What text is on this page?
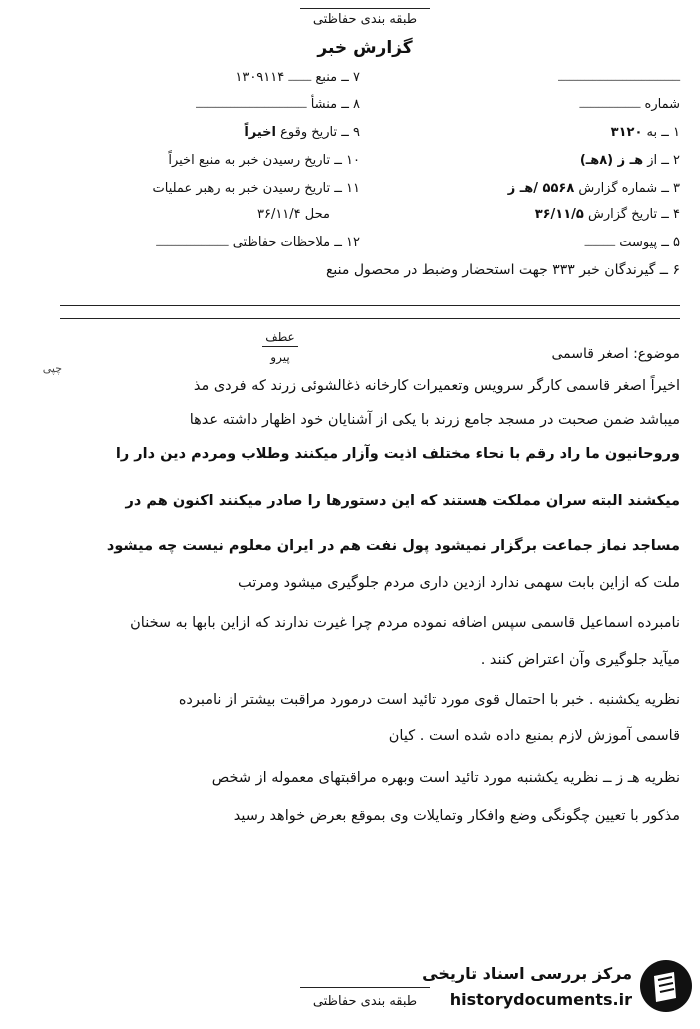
طبقه بندی حفاظتی
گزارش خبر
۷ ــ منبع ــــــ ۱۳۰۹۱۱۴
۸ ــ منشأ ـــــــــــــــــــــــــــــ
۹ ــ تاریخ وقوع اخیراً
۱۰ ــ تاریخ رسیدن خبر به منبع اخیراً
۱۱ ــ تاریخ رسیدن خبر به رهبر عملیات
محل ۳۶/۱۱/۴
۱۲ ــ ملاحظات حفاظتی ـــــــــــــــــــ
ــــــــــــــــــــــــــــــــ
شماره ــــــــــــــــ
۱ ــ به ۳۱۲۰
۲ ــ از هـ ز (۸هـ)
۳ ــ شماره گزارش ۵۵۶۸ /هـ ز
۴ ــ تاریخ گزارش ۳۶/۱۱/۵
۵ ــ پیوست ــــــــ
۶ ــ گیرندگان خبر ۳۳۳ جهت استحضار وضبط در محصول منبع
عطف
پیرو	موضوع: اصغر قاسمی
چپی
اخیراً اصغر قاسمی کارگر سرویس وتعمیرات کارخانه ذغالشوئی زرند که فردی مذ
میباشد ضمن صحبت در مسجد جامع زرند با یکی از آشنایان خود اظهار داشته عدها
وروحانیون ما راد رقم با نحاء مختلف اذیت وآزار میکنند وطلاب ومردم دین دار را
میکشند البته سران مملکت هستند که این دستورها را صادر میکنند اکنون هم در
مساجد نماز جماعت برگزار نمیشود پول نفت هم در ایران معلوم نیست چه میشود
ملت که ازاین بابت سهمی ندارد ازدین داری مردم جلوگیری میشود ومرتب
نامبرده اسماعیل قاسمی سپس اضافه نموده مردم چرا غیرت ندارند که ازاین بابها به سخنان
میآید جلوگیری وآن اعتراض کنند .
نظریه یکشنبه . خبر با احتمال قوی مورد تائید است درمورد مراقبت بیشتر از نامبرده
قاسمی آموزش لازم بمنبع داده شده است . کیان
نظریه هـ ز ــ نظریه یکشنبه مورد تائید است وبهره مراقبتهای معموله از شخص
مذکور با تعیین چگونگی وضع وافکار وتمایلات وی بموقع بعرض خواهد رسید
طبقه بندی حفاظتی
مرکز بررسی اسناد تاریخی
historydocuments.ir
